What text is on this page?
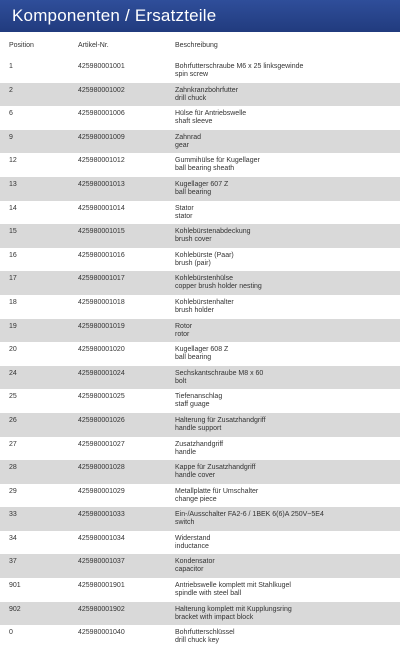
Komponenten / Ersatzteile
Position	Artikel-Nr.	Beschreibung
1	425980001001	Bohrfutterschraube M6 x 25 linksgewinde
spin screw
2	425980001002	Zahnkranzbohrfutter
drill chuck
6	425980001006	Hülse für Antriebswelle
shaft sleeve
9	425980001009	Zahnrad
gear
12	425980001012	Gummihülse für Kugellager
ball bearing sheath
13	425980001013	Kugellager 607 Z
ball bearing
14	425980001014	Stator
stator
15	425980001015	Kohlebürstenabdeckung
brush cover
16	425980001016	Kohlebürste (Paar)
brush (pair)
17	425980001017	Kohlebürstenhülse
copper brush holder nesting
18	425980001018	Kohlebürstenhalter
brush holder
19	425980001019	Rotor
rotor
20	425980001020	Kugellager 608 Z
ball bearing
24	425980001024	Sechskantschraube M8 x 60
bolt
25	425980001025	Tiefenanschlag
staff guage
26	425980001026	Halterung für Zusatzhandgriff
handle support
27	425980001027	Zusatzhandgriff
handle
28	425980001028	Kappe für Zusatzhandgriff
handle cover
29	425980001029	Metallplatte für Umschalter
change piece
33	425980001033	Ein-/Ausschalter FA2-6 / 1BEK 6(6)A 250V~5E4
switch
34	425980001034	Widerstand
inductance
37	425980001037	Kondensator
capacitor
901	425980001901	Antriebswelle komplett mit Stahlkugel
spindle with steel ball
902	425980001902	Halterung komplett mit Kupplungsring
bracket with impact block
0	425980001040	Bohrfutterschlüssel
drill chuck key
